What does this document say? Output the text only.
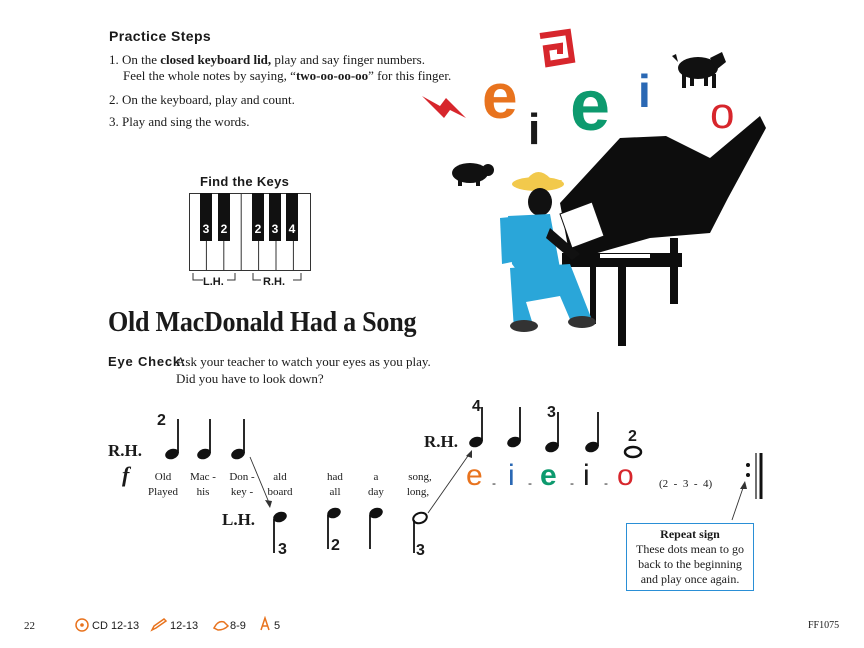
Practice Steps
1. On the closed keyboard lid, play and say finger numbers.
Feel the whole notes by saying, “two-oo-oo-oo” for this finger.
2. On the keyboard, play and count.
3. Play and sing the words.
Find the Keys
3 2 2 3 4
L.H.	R.H.
e i e i o
Old MacDonald Had a Song
Eye Check:
Ask your teacher to watch your eyes as you play.
Did you have to look down?
R.H.	R.H.
L.H.
f
2
3	2	3
4	3
2
Old Mac - Don - ald	had	a	song,
Played his key - board	all	day long, e - i - e - i - o (2  -  3  -  4)
Repeat sign
These dots mean to go
back to the beginning
and play once again.
22	CD 12-13	12-13	8-9	5	FF1075
